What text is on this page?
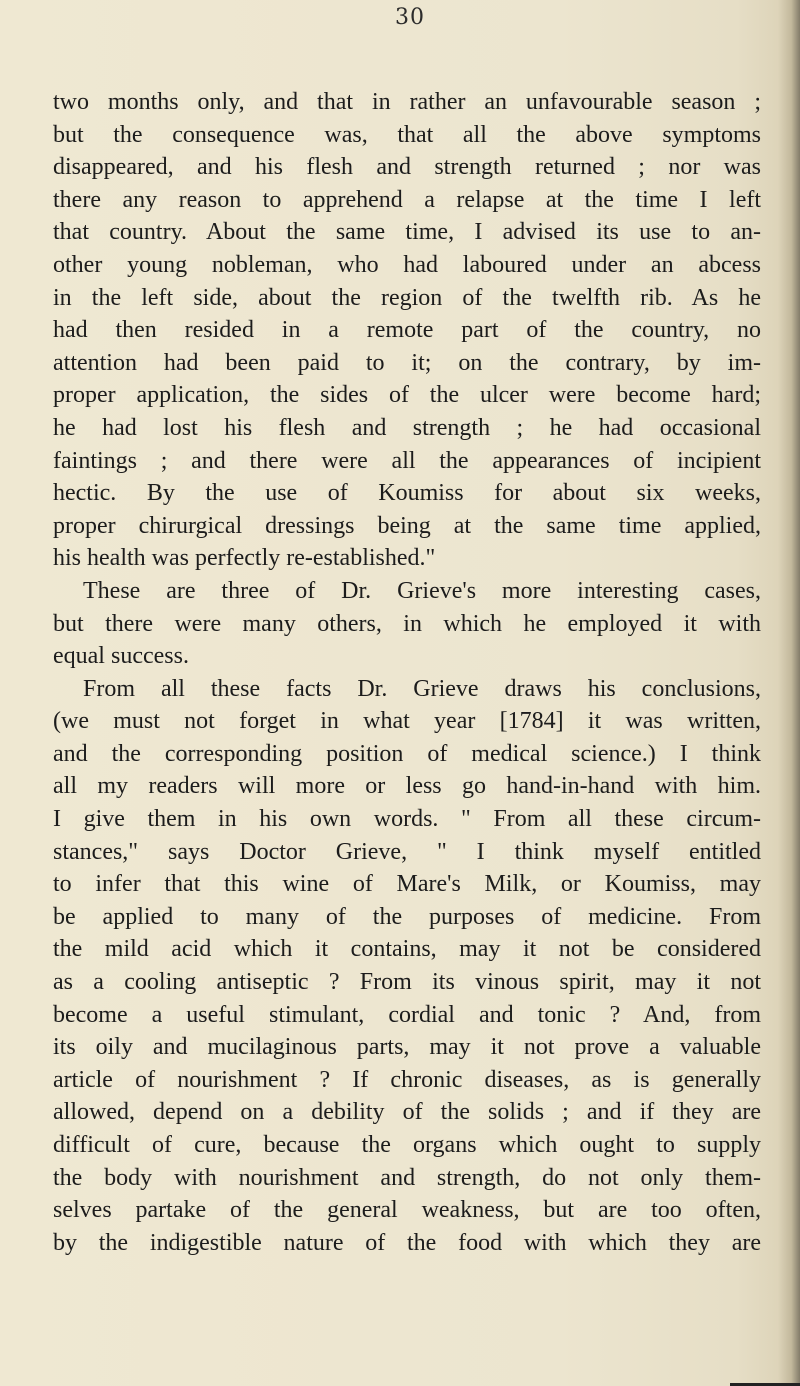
30
two months only, and that in rather an unfavourable season ;
but the consequence was, that all the above symptoms
disappeared, and his flesh and strength returned ; nor was
there any reason to apprehend a relapse at the time I left
that country. About the same time, I advised its use to an-
other young nobleman, who had laboured under an abcess
in the left side, about the region of the twelfth rib. As he
had then resided in a remote part of the country, no
attention had been paid to it; on the contrary, by im-
proper application, the sides of the ulcer were become hard;
he had lost his flesh and strength ; he had occasional
faintings ; and there were all the appearances of incipient
hectic. By the use of Koumiss for about six weeks,
proper chirurgical dressings being at the same time applied,
his health was perfectly re-established."
These are three of Dr. Grieve's more interesting cases,
but there were many others, in which he employed it with
equal success.
From all these facts Dr. Grieve draws his conclusions,
(we must not forget in what year [1784] it was written,
and the corresponding position of medical science.) I think
all my readers will more or less go hand-in-hand with him.
I give them in his own words. " From all these circum-
stances," says Doctor Grieve, " I think myself entitled
to infer that this wine of Mare's Milk, or Koumiss, may
be applied to many of the purposes of medicine. From
the mild acid which it contains, may it not be considered
as a cooling antiseptic ? From its vinous spirit, may it not
become a useful stimulant, cordial and tonic ? And, from
its oily and mucilaginous parts, may it not prove a valuable
article of nourishment ? If chronic diseases, as is generally
allowed, depend on a debility of the solids ; and if they are
difficult of cure, because the organs which ought to supply
the body with nourishment and strength, do not only them-
selves partake of the general weakness, but are too often,
by the indigestible nature of the food with which they are
